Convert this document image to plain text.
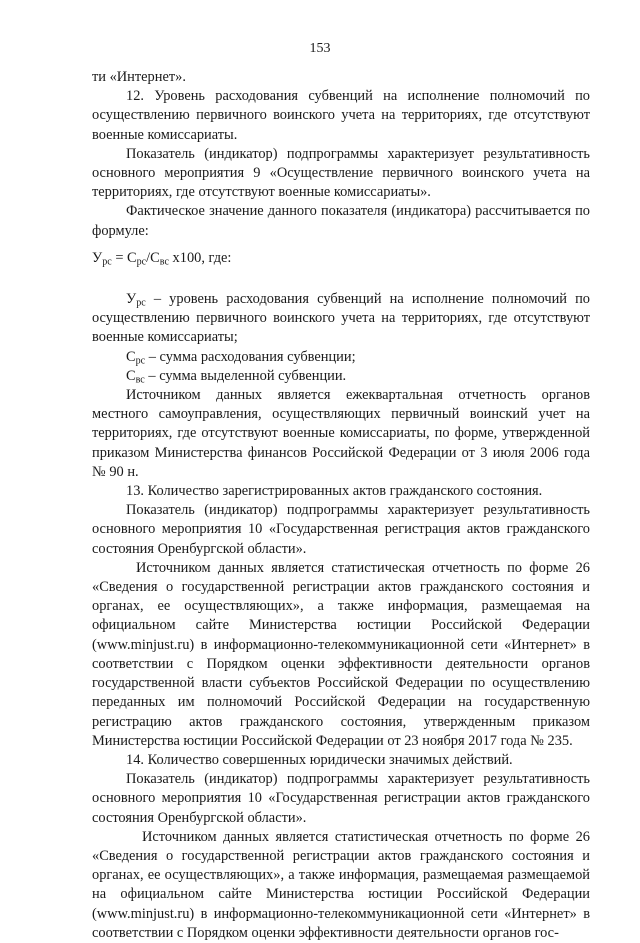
153

ти «Интернет».

12. Уровень расходования субвенций на исполнение полномочий по осуществлению первичного воинского учета на территориях, где отсутствуют военные комиссариаты.

Показатель (индикатор) подпрограммы характеризует результативность основного мероприятия 9 «Осуществление первичного воинского учета на территориях, где отсутствуют военные комиссариаты».

Фактическое значение данного показателя (индикатора) рассчитывается по формуле:

$У_{рс} = С_{рс}/С_{вс}$ х100, где:

$У_{рс}$ – уровень расходования субвенций на исполнение полномочий по осуществлению первичного воинского учета на территориях, где отсутствуют военные комиссариаты;

$С_{рс}$ – сумма расходования субвенции;

$С_{вс}$ – сумма выделенной субвенции.

Источником данных является ежеквартальная отчетность органов местного самоуправления, осуществляющих первичный воинский учет на территориях, где отсутствуют военные комиссариаты, по форме, утвержденной приказом Министерства финансов Российской Федерации от 3 июля 2006 года № 90 н.

13. Количество зарегистрированных актов гражданского состояния.

Показатель (индикатор) подпрограммы характеризует результативность основного мероприятия 10 «Государственная регистрация актов гражданского состояния Оренбургской области».

Источником данных является статистическая отчетность по форме 26 «Сведения о государственной регистрации актов гражданского состояния и органах, ее осуществляющих», а также информация, размещаемая на официальном сайте Министерства юстиции Российской Федерации (www.minjust.ru) в информационно-телекоммуникационной сети «Интернет» в соответствии с Порядком оценки эффективности деятельности органов государственной власти субъектов Российской Федерации по осуществлению переданных им полномочий Российской Федерации на государственную регистрацию актов гражданского состояния, утвержденным приказом Министерства юстиции Российской Федерации от 23 ноября 2017 года № 235.

14. Количество совершенных юридически значимых действий.

Показатель (индикатор) подпрограммы характеризует результативность основного мероприятия 10 «Государственная регистрации актов гражданского состояния Оренбургской области».

Источником данных является статистическая отчетность по форме 26 «Сведения о государственной регистрации актов гражданского состояния и органах, ее осуществляющих», а также информация, размещаемая размещаемой на официальном сайте Министерства юстиции Российской Федерации (www.minjust.ru) в информационно-телекоммуникационной сети «Интернет» в соответствии с Порядком оценки эффективности деятельности органов гос-
